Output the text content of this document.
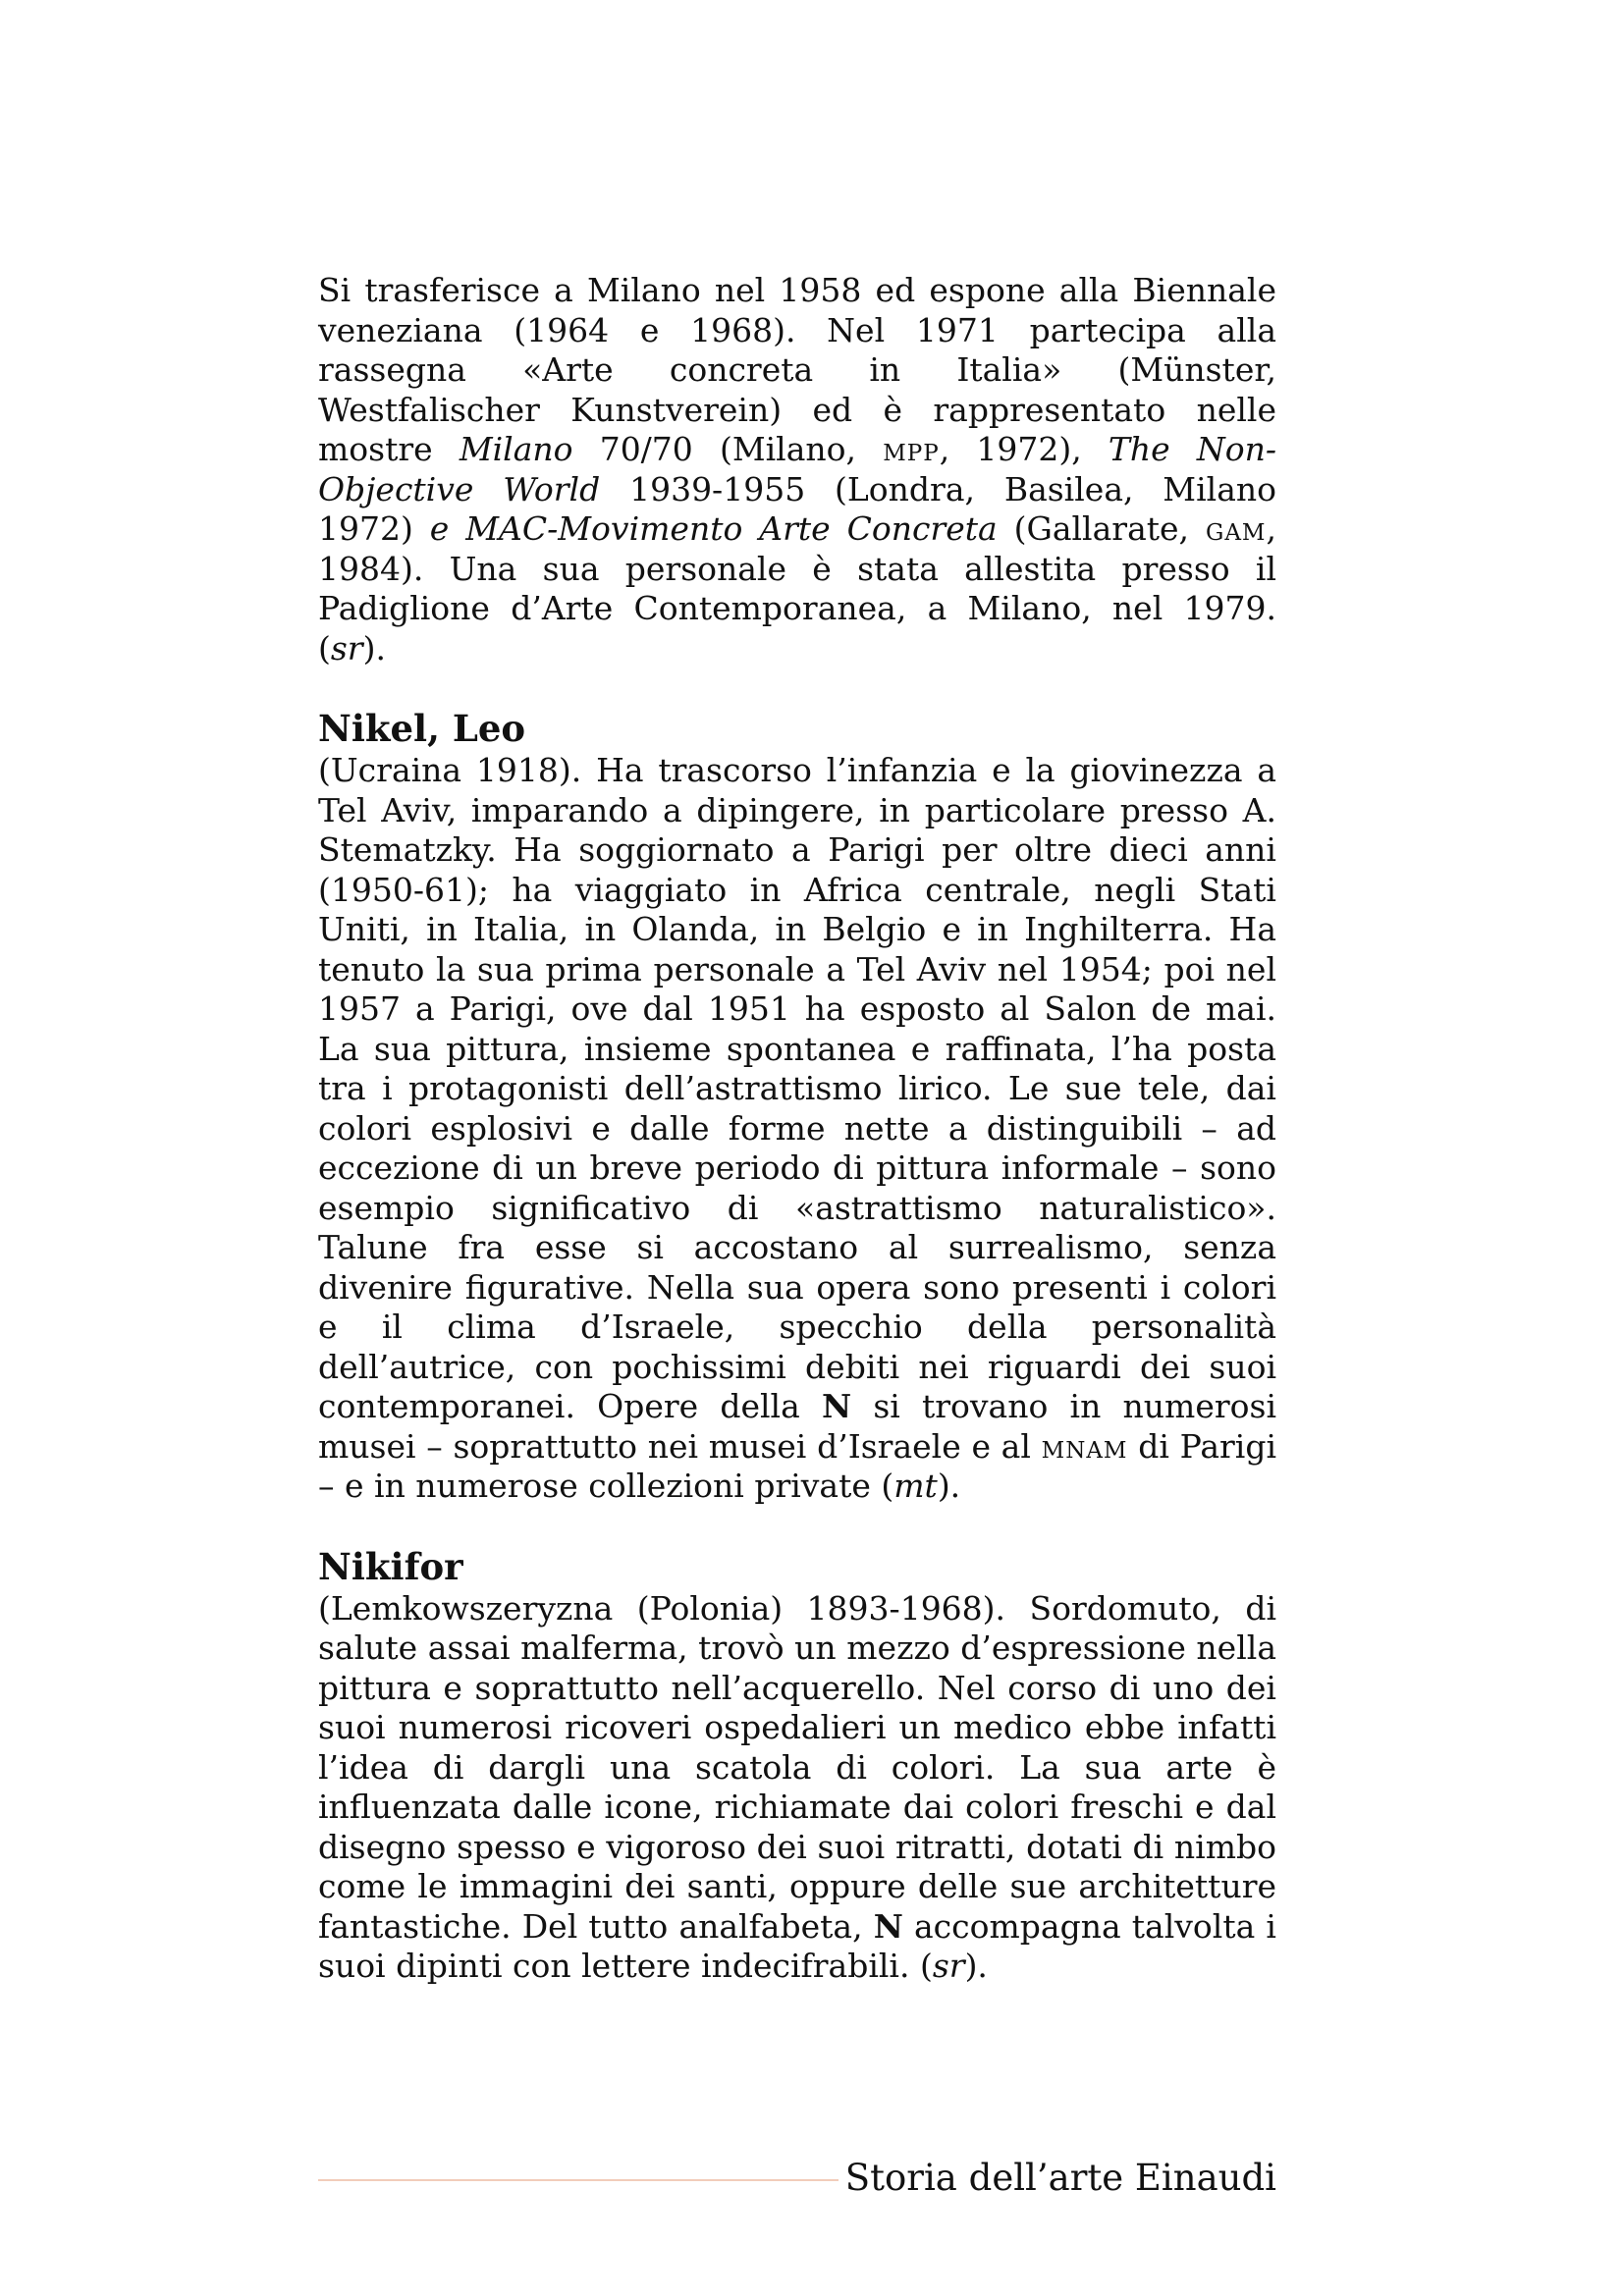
Si trasferisce a Milano nel 1958 ed espone alla Biennale veneziana (1964 e 1968). Nel 1971 partecipa alla rassegna «Arte concreta in Italia» (Münster, Westfalischer Kunstverein) ed è rappresentato nelle mostre Milano 70/70 (Milano, mpp, 1972), The Non-Objective World 1939-1955 (Londra, Basilea, Milano 1972) e MAC-Movimento Arte Concreta (Gallarate, gam, 1984). Una sua personale è stata allestita presso il Padiglione d’Arte Contemporanea, a Milano, nel 1979. (sr).

Nikel, Leo

(Ucraina 1918). Ha trascorso l’infanzia e la giovinezza a Tel Aviv, imparando a dipingere, in particolare presso A. Stematzky. Ha soggiornato a Parigi per oltre dieci anni (1950-61); ha viaggiato in Africa centrale, negli Stati Uniti, in Italia, in Olanda, in Belgio e in Inghilterra. Ha tenuto la sua prima personale a Tel Aviv nel 1954; poi nel 1957 a Parigi, ove dal 1951 ha esposto al Salon de mai. La sua pittura, insieme spontanea e raffinata, l’ha posta tra i protagonisti dell’astrattismo lirico. Le sue tele, dai colori esplosivi e dalle forme nette a distinguibili – ad eccezione di un breve periodo di pittura informale – sono esempio significativo di «astrattismo naturalistico». Talune fra esse si accostano al surrealismo, senza divenire figurative. Nella sua opera sono presenti i colori e il clima d’Israele, specchio della personalità dell’autrice, con pochissimi debiti nei riguardi dei suoi contemporanei. Opere della N si trovano in numerosi musei – soprattutto nei musei d’Israele e al mnam di Parigi – e in numerose collezioni private (mt).

Nikifor

(Lemkowszeryzna (Polonia) 1893-1968). Sordomuto, di salute assai malferma, trovò un mezzo d’espressione nella pittura e soprattutto nell’acquerello. Nel corso di uno dei suoi numerosi ricoveri ospedalieri un medico ebbe infatti l’idea di dargli una scatola di colori. La sua arte è influenzata dalle icone, richiamate dai colori freschi e dal disegno spesso e vigoroso dei suoi ritratti, dotati di nimbo come le immagini dei santi, oppure delle sue architetture fantastiche. Del tutto analfabeta, N accompagna talvolta i suoi dipinti con lettere indecifrabili. (sr).

Storia dell’arte Einaudi
